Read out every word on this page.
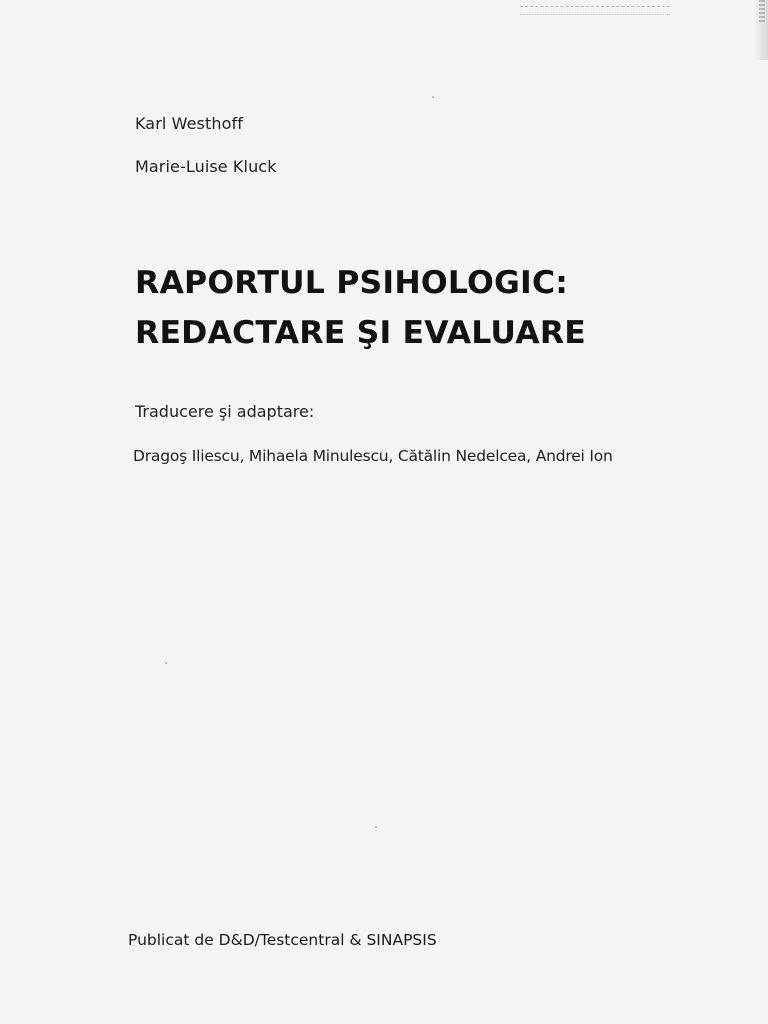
Karl Westhoff
Marie-Luise Kluck
RAPORTUL PSIHOLOGIC:
REDACTARE ŞI EVALUARE
Traducere şi adaptare:
Dragoş Iliescu, Mihaela Minulescu, Cătălin Nedelcea, Andrei Ion
Publicat de D&D/Testcentral & SINAPSIS
